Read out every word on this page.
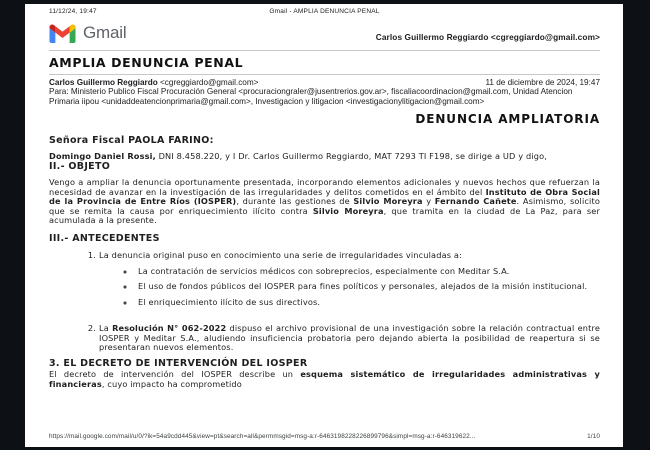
11/12/24, 19:47	Gmail - AMPLIA DENUNCIA PENAL
Gmail	Carlos Guillermo Reggiardo <cgreggiardo@gmail.com>
AMPLIA DENUNCIA PENAL
Carlos Guillermo Reggiardo <cgreggiardo@gmail.com>	11 de diciembre de 2024, 19:47
Para: Ministerio Publico Fiscal Procuración General <procuraciongraler@jusentrerios.gov.ar>, fiscaliacoordinacion@gmail.com, Unidad Atencion Primaria iipou <unidaddeatencionprimaria@gmail.com>, Investigacion y litigacion <investigacionylitigacion@gmail.com>
DENUNCIA AMPLIATORIA
Señora Fiscal PAOLA FARINO:

Domingo Daniel Rossi, DNI 8.458.220, y I Dr. Carlos Guillermo Reggiardo, MAT 7293 TI F198, se dirige a UD y digo,
II.- OBJETO

Vengo a ampliar la denuncia oportunamente presentada, incorporando elementos adicionales y nuevos hechos que refuerzan la necesidad de avanzar en la investigación de las irregularidades y delitos cometidos en el ámbito del Instituto de Obra Social de la Provincia de Entre Ríos (IOSPER), durante las gestiones de Silvio Moreyra y Fernando Cañete. Asimismo, solicito que se remita la causa por enriquecimiento ilícito contra Silvio Moreyra, que tramita en la ciudad de La Paz, para ser acumulada a la presente.

III.- ANTECEDENTES
1. La denuncia original puso en conocimiento una serie de irregularidades vinculadas a:
◦ La contratación de servicios médicos con sobreprecios, especialmente con Meditar S.A.
◦ El uso de fondos públicos del IOSPER para fines políticos y personales, alejados de la misión institucional.
◦ El enriquecimiento ilícito de sus directivos.
2. La Resolución N° 062-2022 dispuso el archivo provisional de una investigación sobre la relación contractual entre IOSPER y Meditar S.A., aludiendo insuficiencia probatoria pero dejando abierta la posibilidad de reapertura si se presentaran nuevos elementos.
3. EL DECRETO DE INTERVENCIÓN DEL IOSPER

El decreto de intervención del IOSPER describe un esquema sistemático de irregularidades administrativas y financieras, cuyo impacto ha comprometido

https://mail.google.com/mail/u/0/?ik=54a9cdd445&view=pt&search=all&permmsgid=msg-a:r-6463198228226899796&simpl=msg-a:r-646319622...	1/10
